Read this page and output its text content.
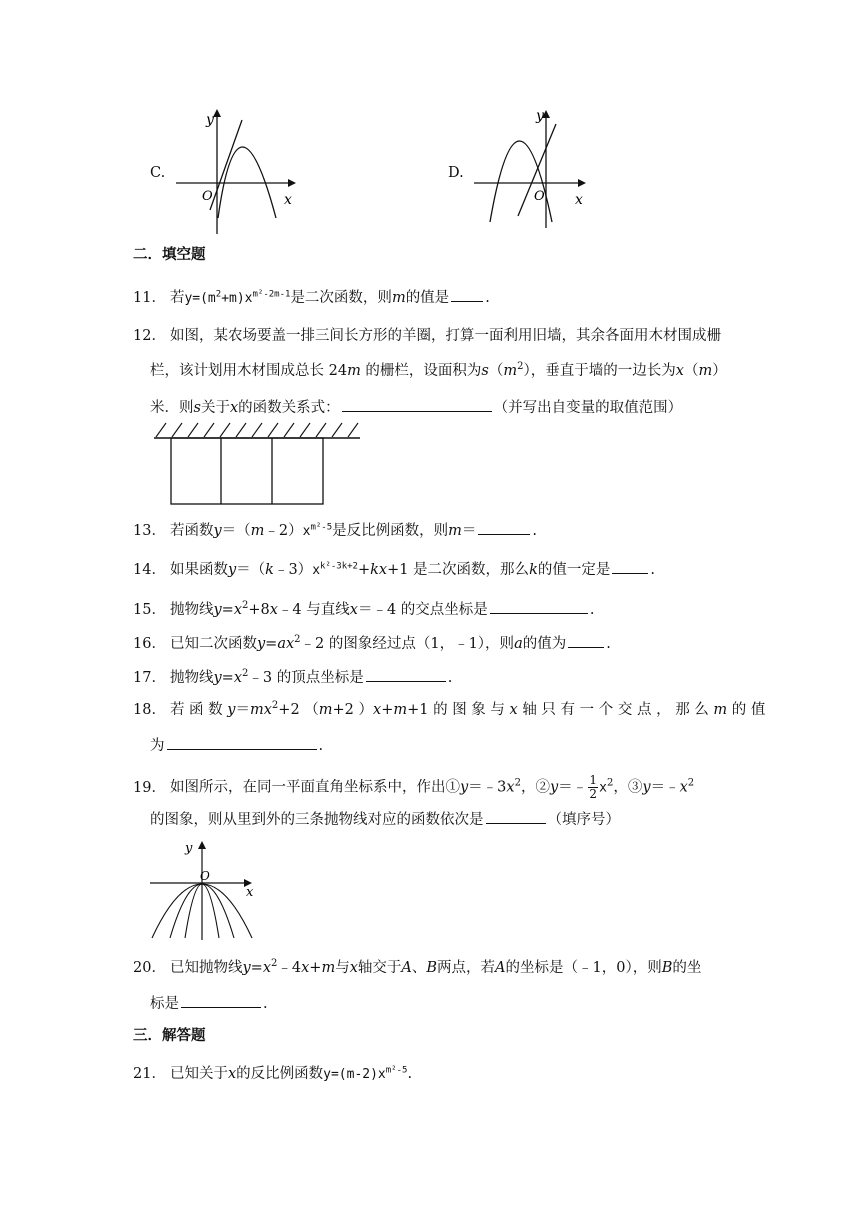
C.
y
x
O
D.
y
x
O
二．填空题
11． 若$y=(m^2+m)x^{m^2-2m-1}$是二次函数，则m的值是 .
12． 如图，某农场要盖一排三间长方形的羊圈，打算一面利用旧墙，其余各面用木材围成栅
栏，该计划用木材围成总长 24m 的栅栏，设面积为$s(m^2)$，垂直于墙的一边长为x（m）
米．则s关于x的函数关系式：	（并写出自变量的取值范围）
13． 若函数$y=(m﹣2)x^{m^2-5}$是反比例函数，则m＝	.
14． 如果函数$y=(k﹣3)x^{k^2-3k+2}+kx+1$ 是二次函数，那么k的值一定是	.
15． 抛物线$y=x^2+8x﹣4$ 与直线x＝﹣4 的交点坐标是	.
16． 已知二次函数$y=ax^2﹣2$ 的图象经过点（1，﹣1），则a的值为	.
17． 抛物线$y=x^2﹣3$ 的顶点坐标是	.
18． 若 函 数 $y=mx^2+2$ （m+2 ）x+m+1 的 图 象 与 x 轴 只 有 一 个 交 点 ， 那 么 m 的 值
为	.
19． 如图所示，在同一平面直角坐标系中，作出$①y=﹣3x^2$，②y＝﹣ $\frac{1}{2} x^2$，$③y=﹣x^2$
的图象，则从里到外的三条抛物线对应的函数依次是	（填序号）
y
x
O
20． 已知抛物线$y=x^2﹣4x+m$与x轴交于A、B两点，若A的坐标是（﹣1，0），则B的坐
标是	.
三．解答题
21． 已知关于x的反比例函数$y=(m-2)x^{m^2-5}$.
